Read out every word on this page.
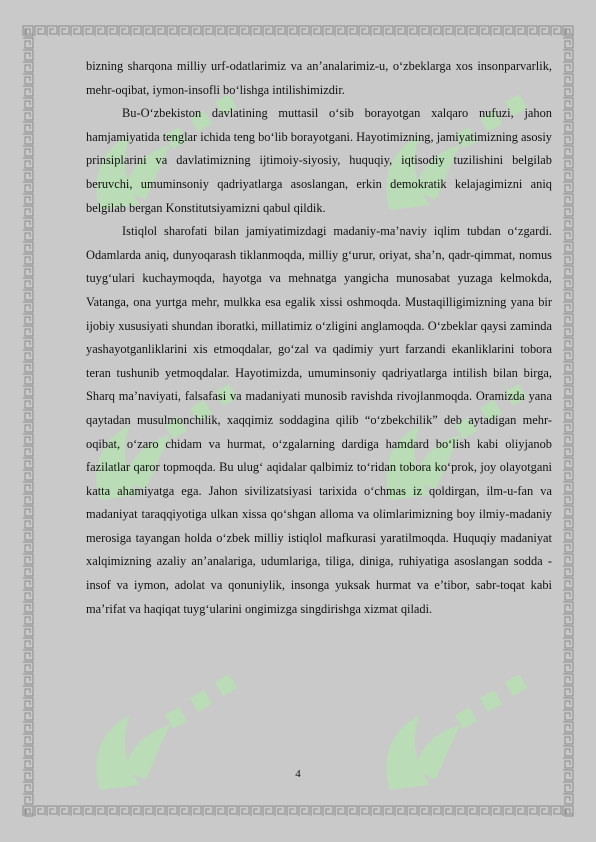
bizning sharqona milliy urf-odatlarimiz va an’analarimiz-u, o‘zbeklarga xos insonparvarlik, mehr-oqibat, iymon-insofli bo‘lishga intilishimizdir.

Bu-O‘zbekiston davlatining muttasil o‘sib borayotgan xalqaro nufuzi, jahon hamjamiyatida tenglar ichida teng bo‘lib borayotgani. Hayotimizning, jamiyatimizning asosiy prinsiplarini va davlatimizning ijtimoiy-siyosiy, huquqiy, iqtisodiy tuzilishini belgilab beruvchi, umuminsoniy qadriyatlarga asoslangan, erkin demokratik kelajagimizni aniq belgilab bergan Konstitutsiyamizni qabul qildik.

Istiqlol sharofati bilan jamiyatimizdagi madaniy-ma’naviy iqlim tubdan o‘zgardi. Odamlarda aniq, dunyoqarash tiklanmoqda, milliy g‘urur, oriyat, sha’n, qadr-qimmat, nomus tuyg‘ulari kuchaymoqda, hayotga va mehnatga yangicha munosabat yuzaga kelmokda, Vatanga, ona yurtga mehr, mulkka esa egalik xissi oshmoqda. Mustaqilligimizning yana bir ijobiy xususiyati shundan iboratki, millatimiz o‘zligini anglamoqda. O‘zbeklar qaysi zaminda yashayotganliklarini xis etmoqdalar, go‘zal va qadimiy yurt farzandi ekanliklarini tobora teran tushunib yetmoqdalar. Hayotimizda, umuminsoniy qadriyatlarga intilish bilan birga, Sharq ma’naviyati, falsafasi va madaniyati munosib ravishda rivojlanmoqda. Oramizda yana qaytadan musulmonchilik, xaqqimiz soddagina qilib “o‘zbekchilik” deb aytadigan mehr-oqibat, o‘zaro chidam va hurmat, o‘zgalarning dardiga hamdard bo‘lish kabi oliyjanob fazilatlar qaror topmoqda. Bu ulug‘ aqidalar qalbimiz to‘ridan tobora ko‘prok, joy olayotgani katta ahamiyatga ega. Jahon sivilizatsiyasi tarixida o‘chmas iz qoldirgan, ilm-u-fan va madaniyat taraqqiyotiga ulkan xissa qo‘shgan alloma va olimlarimizning boy ilmiy-madaniy merosiga tayangan holda o‘zbek milliy istiqlol mafkurasi yaratilmoqda. Huquqiy madaniyat xalqimizning azaliy an’analariga, udumlariga, tiliga, diniga, ruhiyatiga asoslangan sodda - insof va iymon, adolat va qonuniylik, insonga yuksak hurmat va e’tibor, sabr-toqat kabi ma’rifat va haqiqat tuyg‘ularini ongimizga singdirishga xizmat qiladi.

4
